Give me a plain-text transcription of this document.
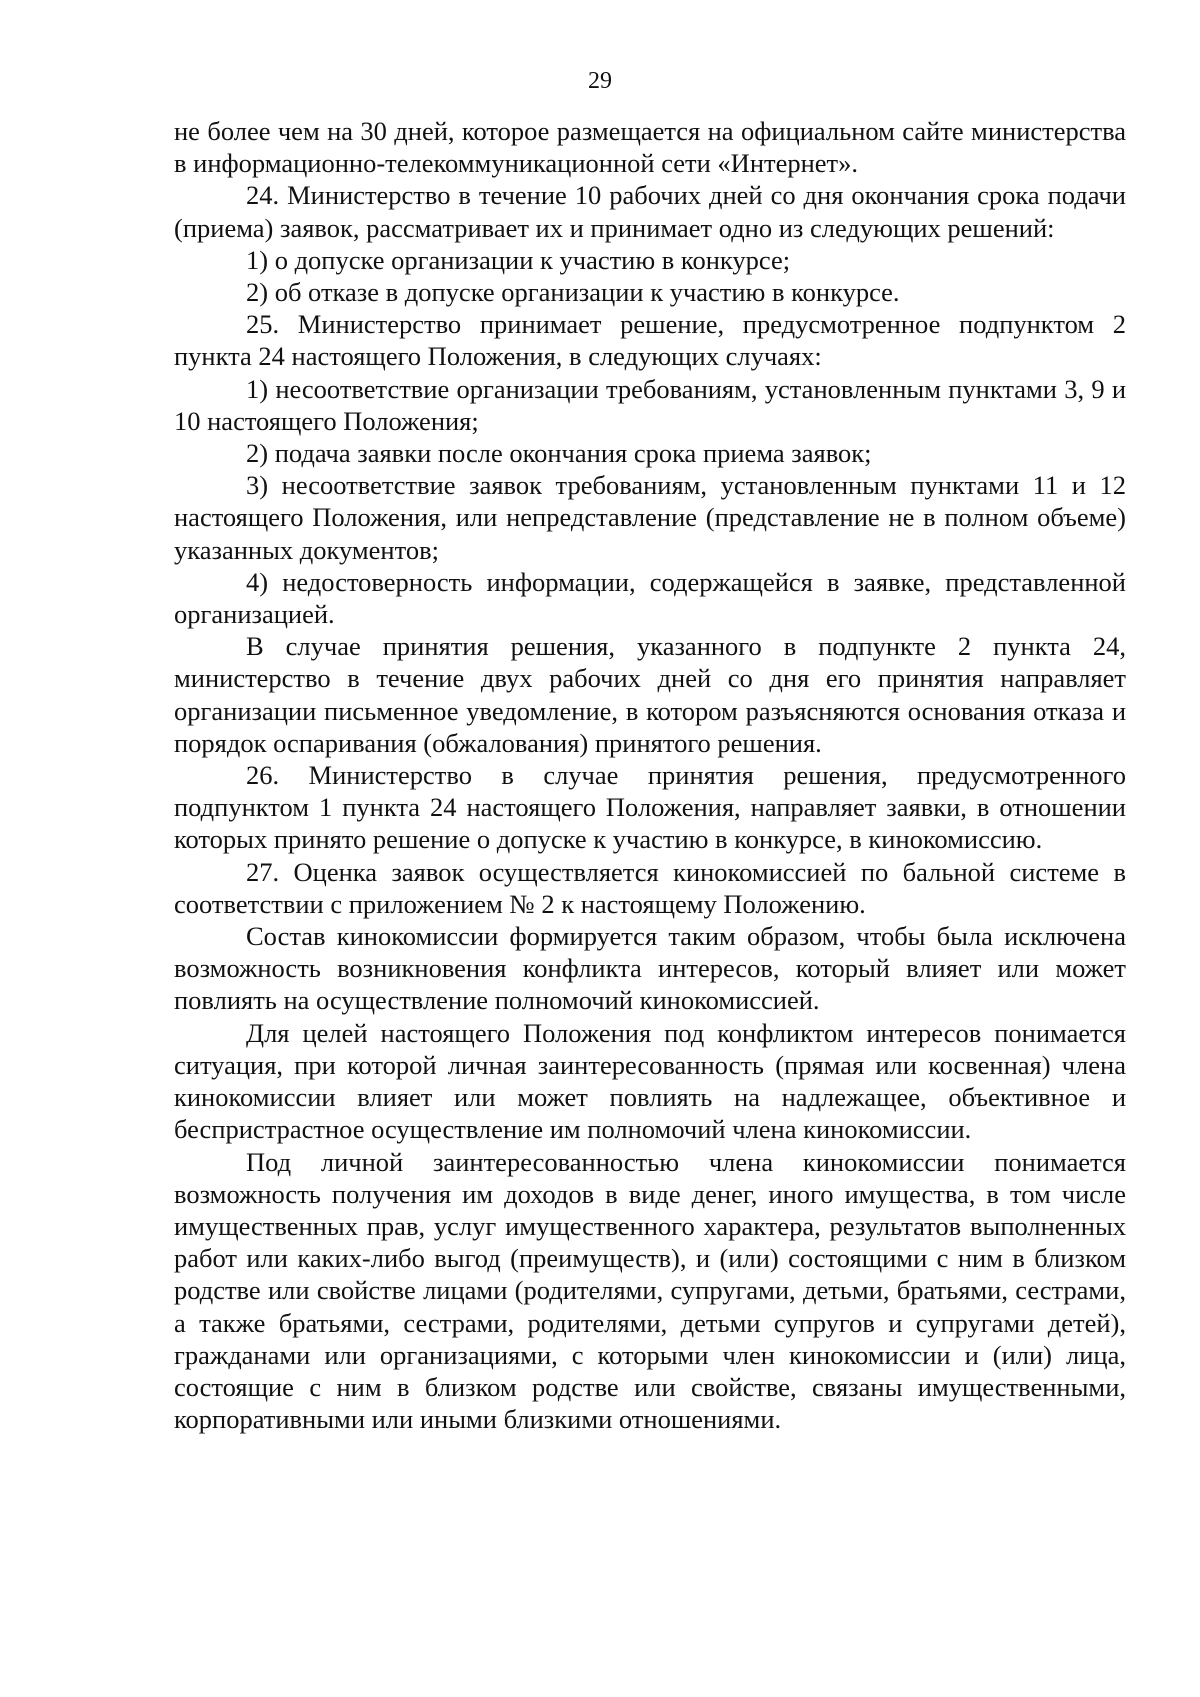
29

не более чем на 30 дней, которое размещается на официальном сайте министерства в информационно-телекоммуникационной сети «Интернет».

24. Министерство в течение 10 рабочих дней со дня окончания срока подачи (приема) заявок, рассматривает их и принимает одно из следующих решений:

1) о допуске организации к участию в конкурсе;

2) об отказе в допуске организации к участию в конкурсе.

25. Министерство принимает решение, предусмотренное подпунктом 2 пункта 24 настоящего Положения, в следующих случаях:

1) несоответствие организации требованиям, установленным пунктами 3, 9 и 10 настоящего Положения;

2) подача заявки после окончания срока приема заявок;

3) несоответствие заявок требованиям, установленным пунктами 11 и 12 настоящего Положения, или непредставление (представление не в полном объеме) указанных документов;

4) недостоверность информации, содержащейся в заявке, представленной организацией.

В случае принятия решения, указанного в подпункте 2 пункта 24, министерство в течение двух рабочих дней со дня его принятия направляет организации письменное уведомление, в котором разъясняются основания отказа и порядок оспаривания (обжалования) принятого решения.

26. Министерство в случае принятия решения, предусмотренного подпунктом 1 пункта 24 настоящего Положения, направляет заявки, в отношении которых принято решение о допуске к участию в конкурсе, в кинокомиссию.

27. Оценка заявок осуществляется кинокомиссией по бальной системе в соответствии с приложением № 2 к настоящему Положению.

Состав кинокомиссии формируется таким образом, чтобы была исключена возможность возникновения конфликта интересов, который влияет или может повлиять на осуществление полномочий кинокомиссией.

Для целей настоящего Положения под конфликтом интересов понимается ситуация, при которой личная заинтересованность (прямая или косвенная) члена кинокомиссии влияет или может повлиять на надлежащее, объективное и беспристрастное осуществление им полномочий члена кинокомиссии.

Под личной заинтересованностью члена кинокомиссии понимается возможность получения им доходов в виде денег, иного имущества, в том числе имущественных прав, услуг имущественного характера, результатов выполненных работ или каких-либо выгод (преимуществ), и (или) состоящими с ним в близком родстве или свойстве лицами (родителями, супругами, детьми, братьями, сестрами, а также братьями, сестрами, родителями, детьми супругов и супругами детей), гражданами или организациями, с которыми член кинокомиссии и (или) лица, состоящие с ним в близком родстве или свойстве, связаны имущественными, корпоративными или иными близкими отношениями.
